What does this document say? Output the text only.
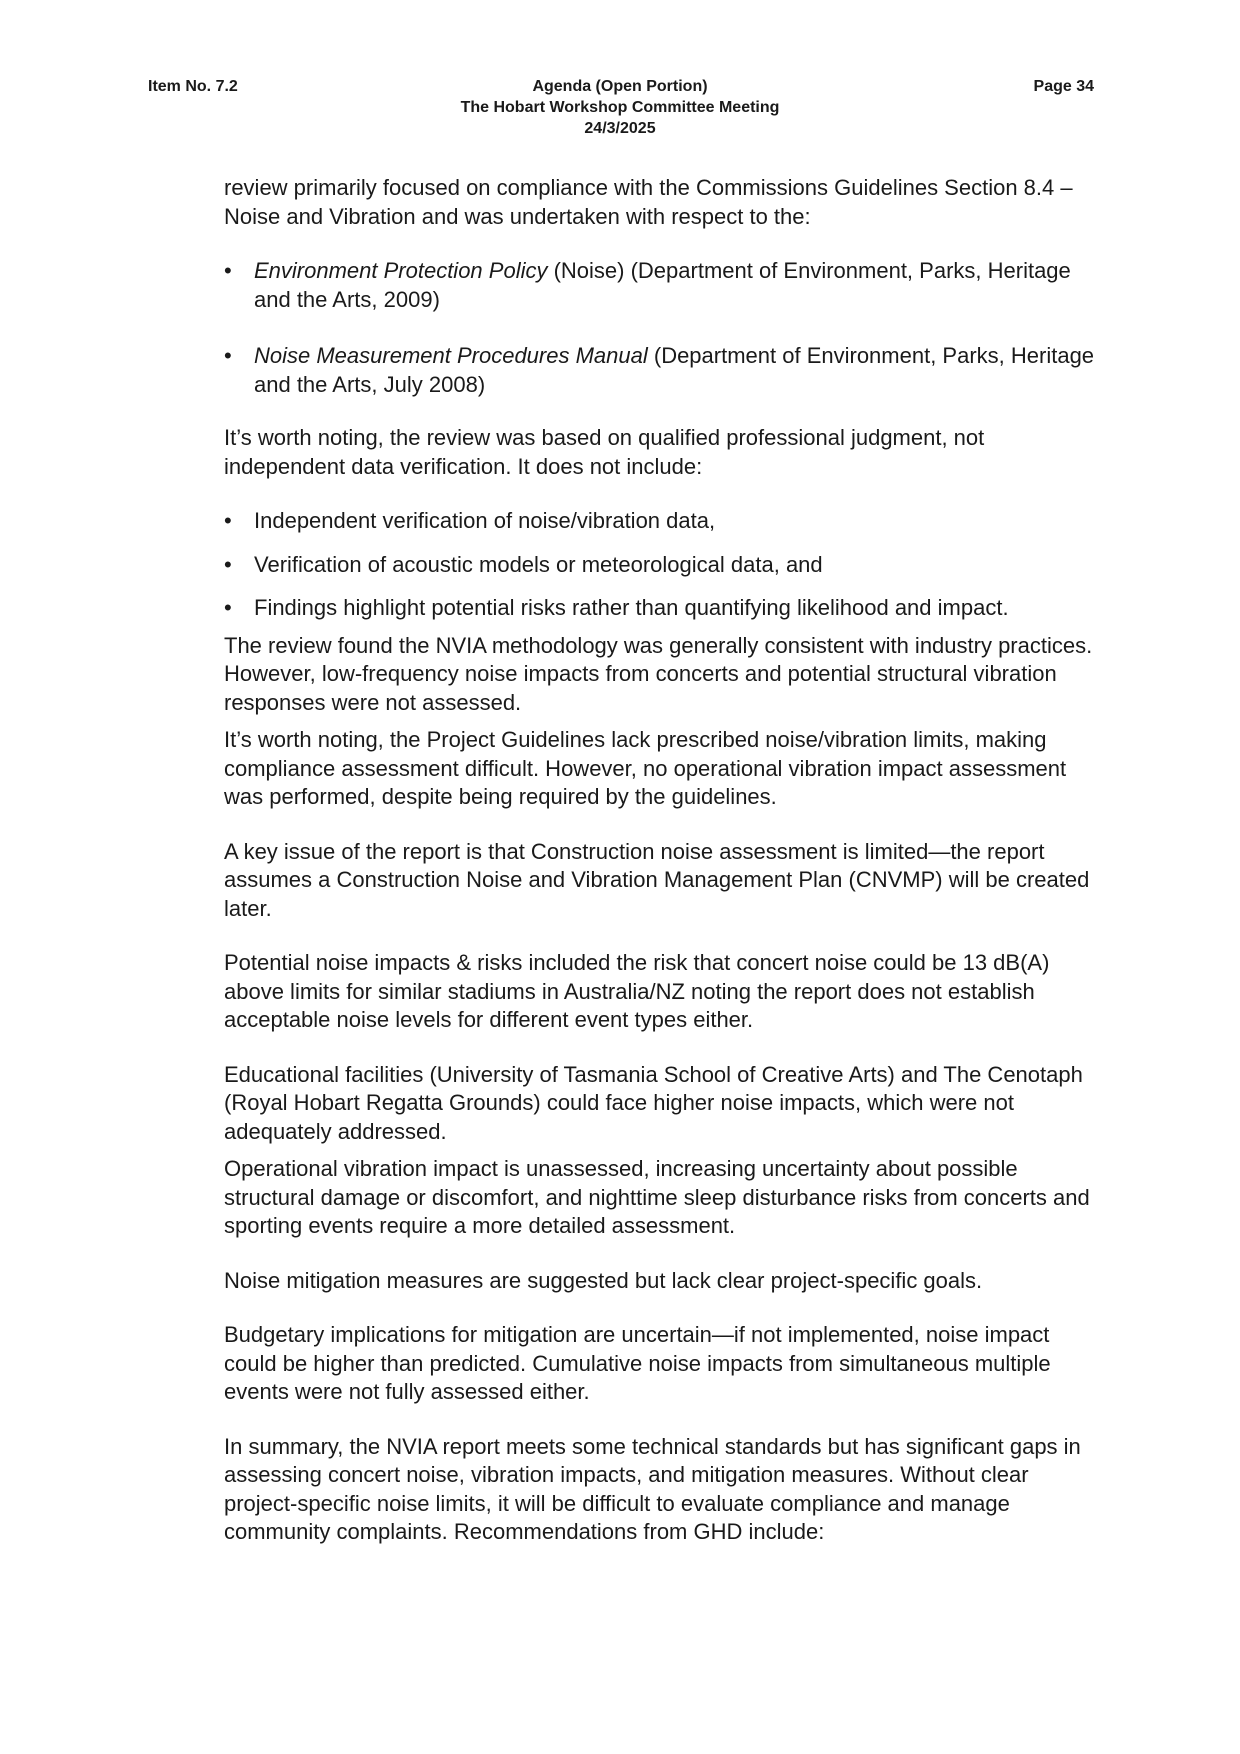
Item No. 7.2	Agenda (Open Portion)
The Hobart Workshop Committee Meeting
24/3/2025
Page 34

review primarily focused on compliance with the Commissions Guidelines Section 8.4 – Noise and Vibration and was undertaken with respect to the:

• Environment Protection Policy (Noise) (Department of Environment, Parks, Heritage and the Arts, 2009)
• Noise Measurement Procedures Manual (Department of Environment, Parks, Heritage and the Arts, July 2008)

It’s worth noting, the review was based on qualified professional judgment, not independent data verification. It does not include:

• Independent verification of noise/vibration data,
• Verification of acoustic models or meteorological data, and
• Findings highlight potential risks rather than quantifying likelihood and impact.

The review found the NVIA methodology was generally consistent with industry practices. However, low-frequency noise impacts from concerts and potential structural vibration responses were not assessed.

It’s worth noting, the Project Guidelines lack prescribed noise/vibration limits, making compliance assessment difficult. However, no operational vibration impact assessment was performed, despite being required by the guidelines.

A key issue of the report is that Construction noise assessment is limited—the report assumes a Construction Noise and Vibration Management Plan (CNVMP) will be created later.

Potential noise impacts & risks included the risk that concert noise could be 13 dB(A) above limits for similar stadiums in Australia/NZ noting the report does not establish acceptable noise levels for different event types either.

Educational facilities (University of Tasmania School of Creative Arts) and The Cenotaph (Royal Hobart Regatta Grounds) could face higher noise impacts, which were not adequately addressed.

Operational vibration impact is unassessed, increasing uncertainty about possible structural damage or discomfort, and nighttime sleep disturbance risks from concerts and sporting events require a more detailed assessment.

Noise mitigation measures are suggested but lack clear project-specific goals.

Budgetary implications for mitigation are uncertain—if not implemented, noise impact could be higher than predicted. Cumulative noise impacts from simultaneous multiple events were not fully assessed either.

In summary, the NVIA report meets some technical standards but has significant gaps in assessing concert noise, vibration impacts, and mitigation measures. Without clear project-specific noise limits, it will be difficult to evaluate compliance and manage community complaints. Recommendations from GHD include:
